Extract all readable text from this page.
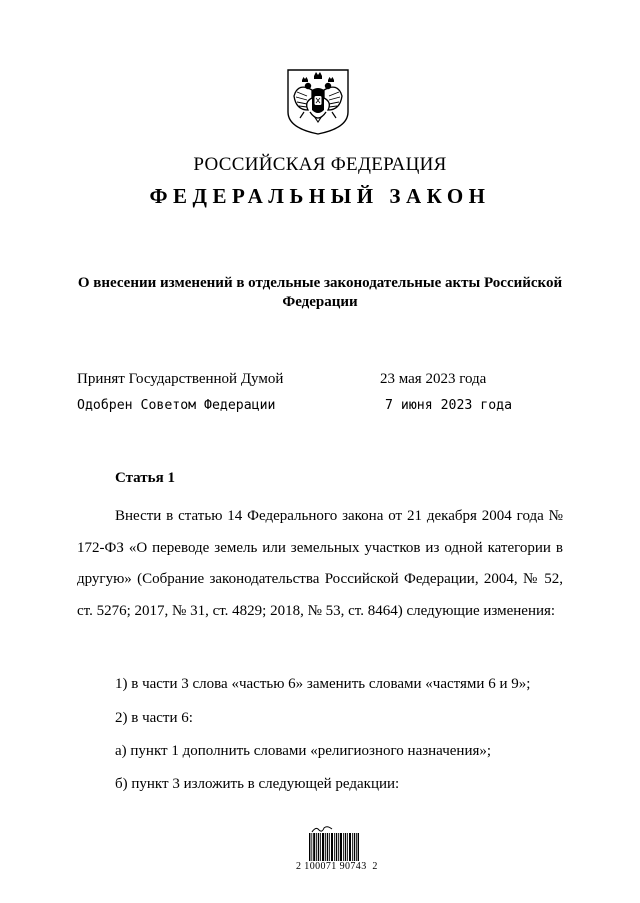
РОССИЙСКАЯ ФЕДЕРАЦИЯ
ФЕДЕРАЛЬНЫЙ ЗАКОН
О внесении изменений в отдельные законодательные акты Российской Федерации
Принят Государственной Думой	23 мая 2023 года
Одобрен Советом Федерации	7 июня 2023 года
Статья 1

Внести в статью 14 Федерального закона от 21 декабря 2004 года № 172-ФЗ «О переводе земель или земельных участков из одной категории в другую» (Собрание законодательства Российской Федерации, 2004, № 52, ст. 5276; 2017, № 31, ст. 4829; 2018, № 53, ст. 8464) следующие изменения:

1) в части 3 слова «частью 6» заменить словами «частями 6 и 9»;
2) в части 6:
а) пункт 1 дополнить словами «религиозного назначения»;
б) пункт 3 изложить в следующей редакции:
2 100071 90743  2
